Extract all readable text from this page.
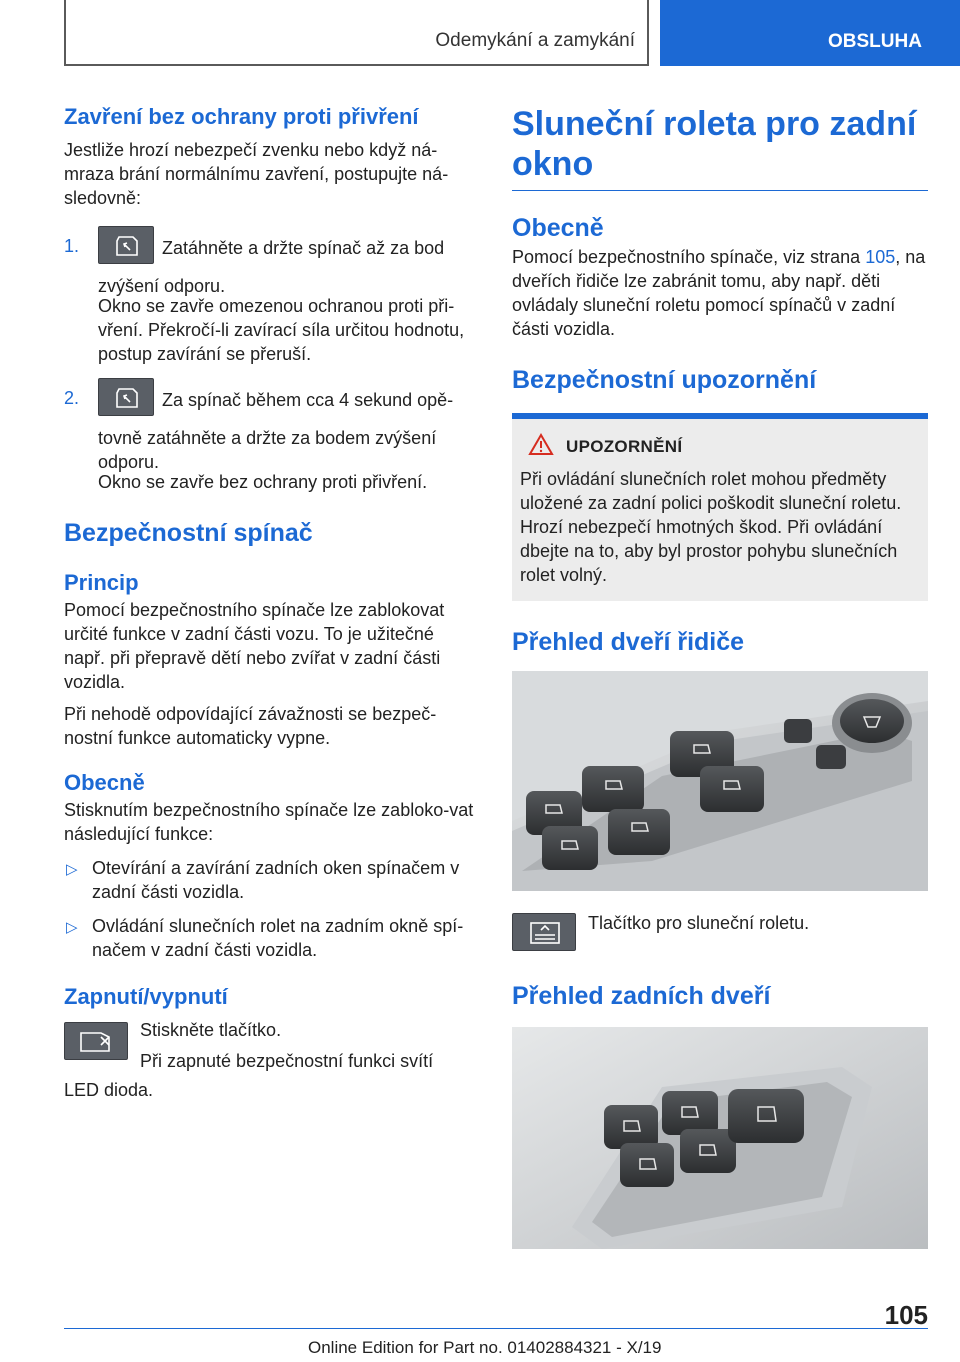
Odemykání a zamykání	OBSLUHA
Zavření bez ochrany proti přivření

Jestliže hrozí nebezpečí zvenku nebo když ná-mraza brání normálnímu zavření, postupujte ná-sledovně:

1.	Zatáhněte a držte spínač až za bod zvýšení odporu.

Okno se zavře omezenou ochranou proti při-vření. Překročí-li zavírací síla určitou hodnotu, postup zavírání se přeruší.

2.	Za spínač během cca 4 sekund opě-tovně zatáhněte a držte za bodem zvýšení odporu.

Okno se zavře bez ochrany proti přivření.

Bezpečnostní spínač
Princip

Pomocí bezpečnostního spínače lze zablokovat určité funkce v zadní části vozu. To je užitečné např. při přepravě dětí nebo zvířat v zadní části vozidla.

Při nehodě odpovídající závažnosti se bezpeč-nostní funkce automaticky vypne.

Obecně

Stisknutím bezpečnostního spínače lze zabloko-vat následující funkce:

▷ Otevírání a zavírání zadních oken spínačem v zadní části vozidla.
▷ Ovládání slunečních rolet na zadním okně spí-načem v zadní části vozidla.
Zapnutí/vypnutí
Stiskněte tlačítko.
Při zapnuté bezpečnostní funkci svítí

LED dioda.

Sluneční roleta pro zadní
okno
Obecně

Pomocí bezpečnostního spínače, viz strana 105, na dveřích řidiče lze zabránit tomu, aby např. děti ovládaly sluneční roletu pomocí spínačů v zadní části vozidla.

Bezpečnostní upozornění
UPOZORNĚNÍ

Při ovládání slunečních rolet mohou předměty uložené za zadní polici poškodit sluneční roletu. Hrozí nebezpečí hmotných škod. Při ovládání dbejte na to, aby byl prostor pohybu slunečních rolet volný.

Přehled dveří řidiče
Tlačítko pro sluneční roletu.
Přehled zadních dveří
105
Online Edition for Part no. 01402884321 - X/19
